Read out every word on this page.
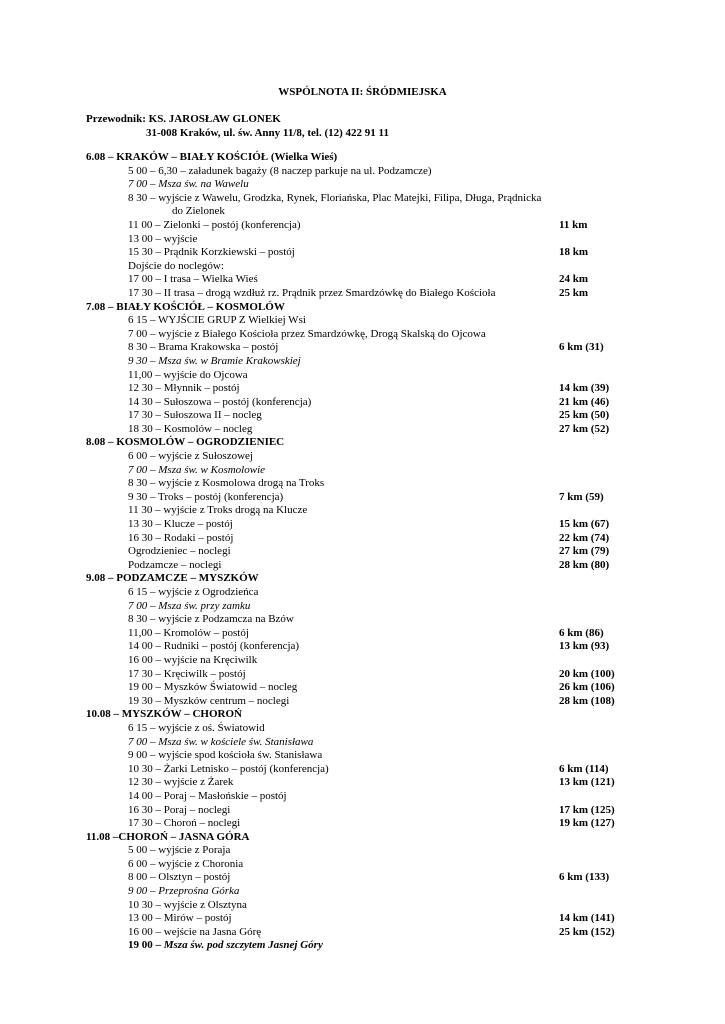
WSPÓLNOTA II: ŚRÓDMIEJSKA
Przewodnik: KS. JAROSŁAW GLONEK
31-008 Kraków, ul. św. Anny 11/8, tel. (12) 422 91 11
6.08 – KRAKÓW – BIAŁY KOŚCIÓŁ (Wielka Wieś)
5 00 – 6,30 – załadunek bagaży (8 naczep parkuje na ul. Podzamcze)
7 00 – Msza św. na Wawelu
8 30 – wyjście z Wawelu, Grodzka, Rynek, Floriańska, Plac Matejki, Filipa, Długa, Prądnicka
do Zielonek
11 00 – Zielonki – postój (konferencja)	11 km
13 00 – wyjście
15 30 – Prądnik Korzkiewski – postój	18 km
Dojście do noclegów:
17 00 – I trasa – Wielka Wieś	24 km
17 30 – II trasa – drogą wzdłuż rz. Prądnik przez Smardzówkę do Białego Kościoła	25 km
7.08 – BIAŁY KOŚCIÓŁ – KOSMOLÓW
6 15 – WYJŚCIE GRUP Z Wielkiej Wsi
7 00 – wyjście z Białego Kościoła przez Smardzówkę, Drogą Skalską do Ojcowa
8 30 – Brama Krakowska – postój	6 km (31)
9 30 – Msza św. w Bramie Krakowskiej
11,00 – wyjście do Ojcowa
12 30 – Młynnik – postój	14 km (39)
14 30 – Sułoszowa – postój (konferencja)	21 km (46)
17 30 – Sułoszowa II – nocleg	25 km (50)
18 30 – Kosmolów – nocleg	27 km (52)
8.08 – KOSMOLÓW – OGRODZIENIEC
6 00 – wyjście z Sułoszowej
7 00 – Msza św. w Kosmolowie
8 30 – wyjście z Kosmolowa drogą na Troks
9 30 – Troks – postój (konferencja)	7 km (59)
11 30 – wyjście z Troks drogą na Klucze
13 30 – Klucze – postój	15 km (67)
16 30 – Rodaki – postój	22 km (74)
Ogrodzieniec – noclegi	27 km (79)
Podzamcze – noclegi	28 km (80)
9.08 – PODZAMCZE – MYSZKÓW
6 15 – wyjście z Ogrodzieńca
7 00 – Msza św. przy zamku
8 30 – wyjście z Podzamcza na Bzów
11,00 – Kromolów – postój	6 km (86)
14 00 – Rudniki – postój (konferencja)	13 km (93)
16 00 – wyjście na Kręciwilk
17 30 – Kręciwilk – postój	20 km (100)
19 00 – Myszków Światowid – nocleg	26 km (106)
19 30 – Myszków centrum – noclegi	28 km (108)
10.08 – MYSZKÓW – CHOROŃ
6 15 – wyjście z oś. Światowid
7 00 – Msza św. w kościele św. Stanisława
9 00 – wyjście spod kościoła św. Stanisława
10 30 – Żarki Letnisko – postój (konferencja)	6 km (114)
12 30 – wyjście z Żarek	13 km (121)
14 00 – Poraj – Masłońskie – postój
16 30 – Poraj – noclegi	17 km (125)
17 30 – Choroń – noclegi	19 km (127)
11.08 –CHOROŃ – JASNA GÓRA
5 00 – wyjście z Poraja
6 00 – wyjście z Choronia
8 00 – Olsztyn – postój	6 km (133)
9 00 – Przeprośna Górka
10 30 – wyjście z Olsztyna
13 00 – Mirów – postój	14 km (141)
16 00 – wejście na Jasna Górę	25 km (152)
19 00 – Msza św. pod szczytem Jasnej Góry
